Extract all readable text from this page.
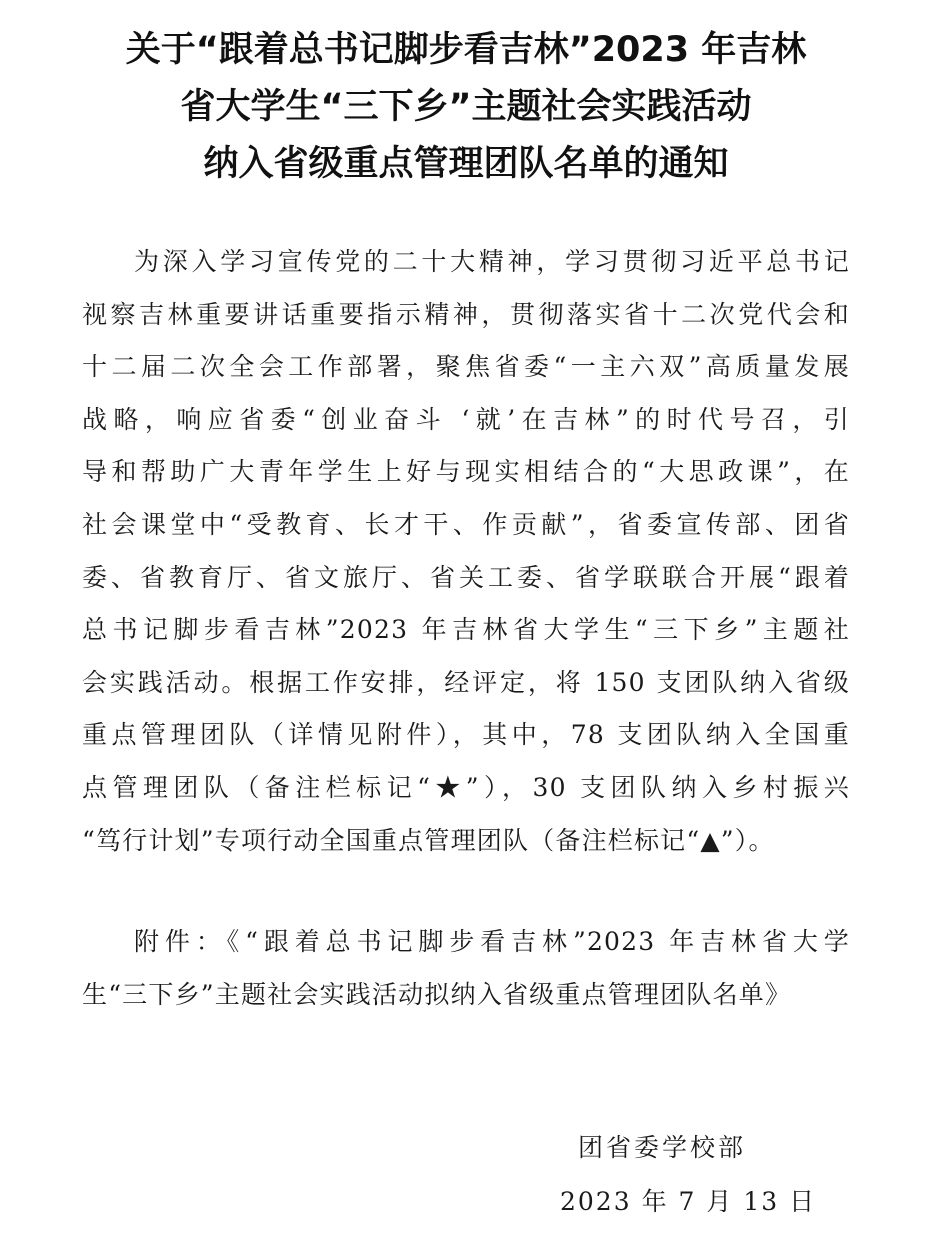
关于“跟着总书记脚步看吉林”2023 年吉林
省大学生“三下乡”主题社会实践活动
纳入省级重点管理团队名单的通知
为深入学习宣传党的二十大精神，学习贯彻习近平总书记
视察吉林重要讲话重要指示精神，贯彻落实省十二次党代会和
十二届二次全会工作部署，聚焦省委“一主六双”高质量发展
战略，响应省委“创业奋斗 ‘就’在吉林”的时代号召，引
导和帮助广大青年学生上好与现实相结合的“大思政课”，在
社会课堂中“受教育、长才干、作贡献”，省委宣传部、团省
委、省教育厅、省文旅厅、省关工委、省学联联合开展“跟着
总书记脚步看吉林”2023 年吉林省大学生“三下乡”主题社
会实践活动。根据工作安排，经评定，将 150 支团队纳入省级
重点管理团队（详情见附件），其中，78 支团队纳入全国重
点管理团队（备注栏标记“★”），30 支团队纳入乡村振兴
“笃行计划”专项行动全国重点管理团队（备注栏标记“▲”）。
附件：《“跟着总书记脚步看吉林”2023 年吉林省大学
生“三下乡”主题社会实践活动拟纳入省级重点管理团队名单》
团省委学校部
2023 年 7 月 13 日
